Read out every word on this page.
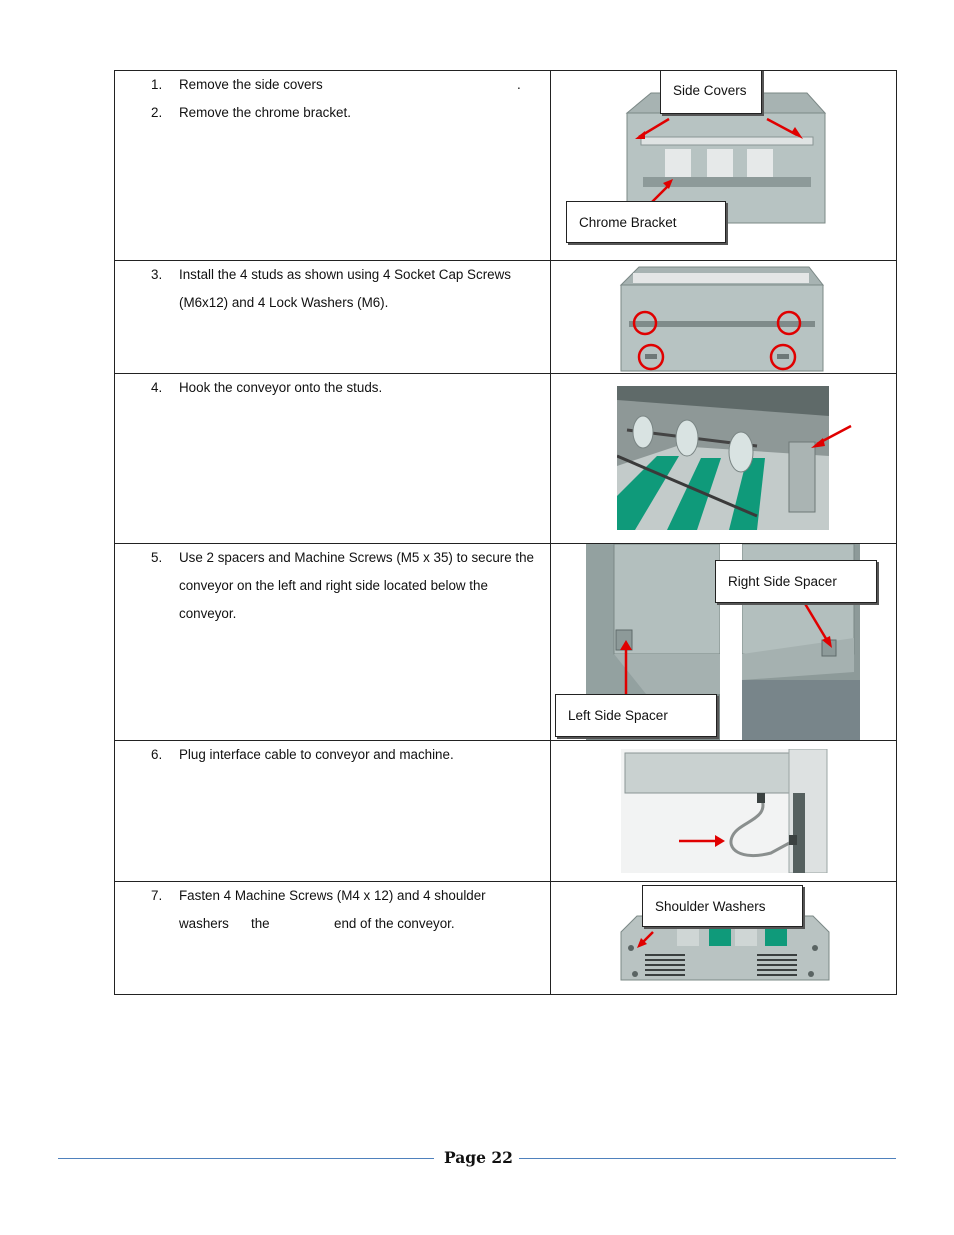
1. Remove the side covers	.
2. Remove the chrome bracket.
Side Covers
Chrome Bracket
3. Install the 4 studs as shown using 4 Socket Cap Screws (M6x12) and 4 Lock Washers (M6).
4. Hook the conveyor onto the studs.
5. Use 2 spacers and Machine Screws (M5 x 35) to secure the conveyor on the left and right side located below the conveyor.
Right Side Spacer
Left Side Spacer
6. Plug interface cable to conveyor and machine.
7. Fasten 4 Machine Screws (M4 x 12) and 4 shoulder
washers the	end of the conveyor.
Shoulder Washers
Page 22
